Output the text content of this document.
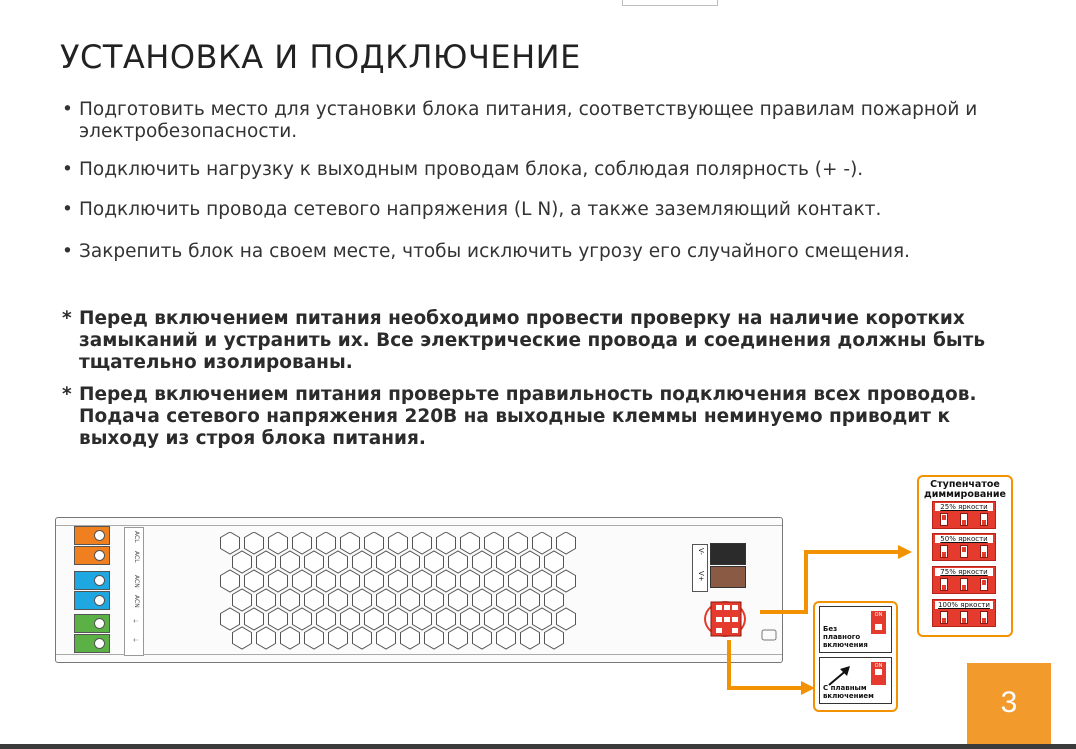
УСТАНОВКА И ПОДКЛЮЧЕНИЕ
• Подготовить место для установки блока питания, соответствующее правилам пожарной и электробезопасности.
• Подключить нагрузку к выходным проводам блока, соблюдая полярность (+ -).
• Подключить провода сетевого напряжения (L N), а также заземляющий контакт.
• Закрепить блок на своем месте, чтобы исключить угрозу его случайного смещения.
* Перед включением питания необходимо провести проверку на наличие коротких замыканий и устранить их. Все электрические провода и соединения должны быть тщательно изолированы.
* Перед включением питания проверьте правильность подключения всех проводов. Подача сетевого напряжения 220В на выходные клеммы неминуемо приводит к выходу из строя блока питания.
ACL
ACL
ACN
ACN
⏚
⏚
V-
V+
Ступенчатое диммирование
25% яркости
50% яркости
75% яркости
100% яркости
Без плавного включения
ON
С плавным включением
ON
3
